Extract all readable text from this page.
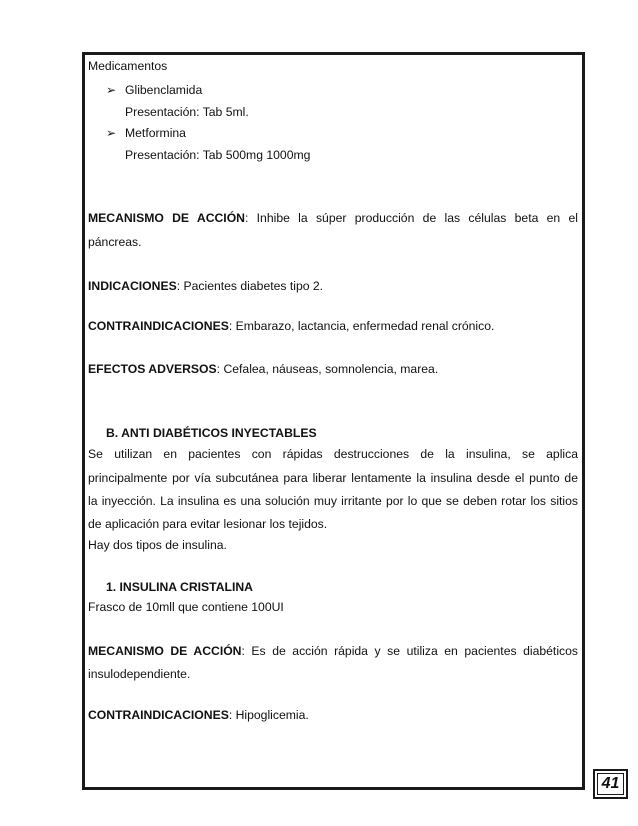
Medicamentos
➢ Glibenclamida
Presentación: Tab 5ml.
➢ Metformina
Presentación: Tab 500mg 1000mg
MECANISMO DE ACCIÓN: Inhibe la súper producción de las células beta en el
páncreas.
INDICACIONES: Pacientes diabetes tipo 2.
CONTRAINDICACIONES: Embarazo, lactancia, enfermedad renal crónico.
EFECTOS ADVERSOS: Cefalea, náuseas, somnolencia, marea.
B. ANTI DIABÉTICOS INYECTABLES
Se utilizan en pacientes con rápidas destrucciones de la insulina, se aplica
principalmente por vía subcutánea para liberar lentamente la insulina desde el punto de
la inyección. La insulina es una solución muy irritante por lo que se deben rotar los sitios
de aplicación para evitar lesionar los tejidos.
Hay dos tipos de insulina.
1. INSULINA CRISTALINA
Frasco de 10mll que contiene 100UI
MECANISMO DE ACCIÓN: Es de acción rápida y se utiliza en pacientes diabéticos
insulodependiente.
CONTRAINDICACIONES: Hipoglicemia.
41
